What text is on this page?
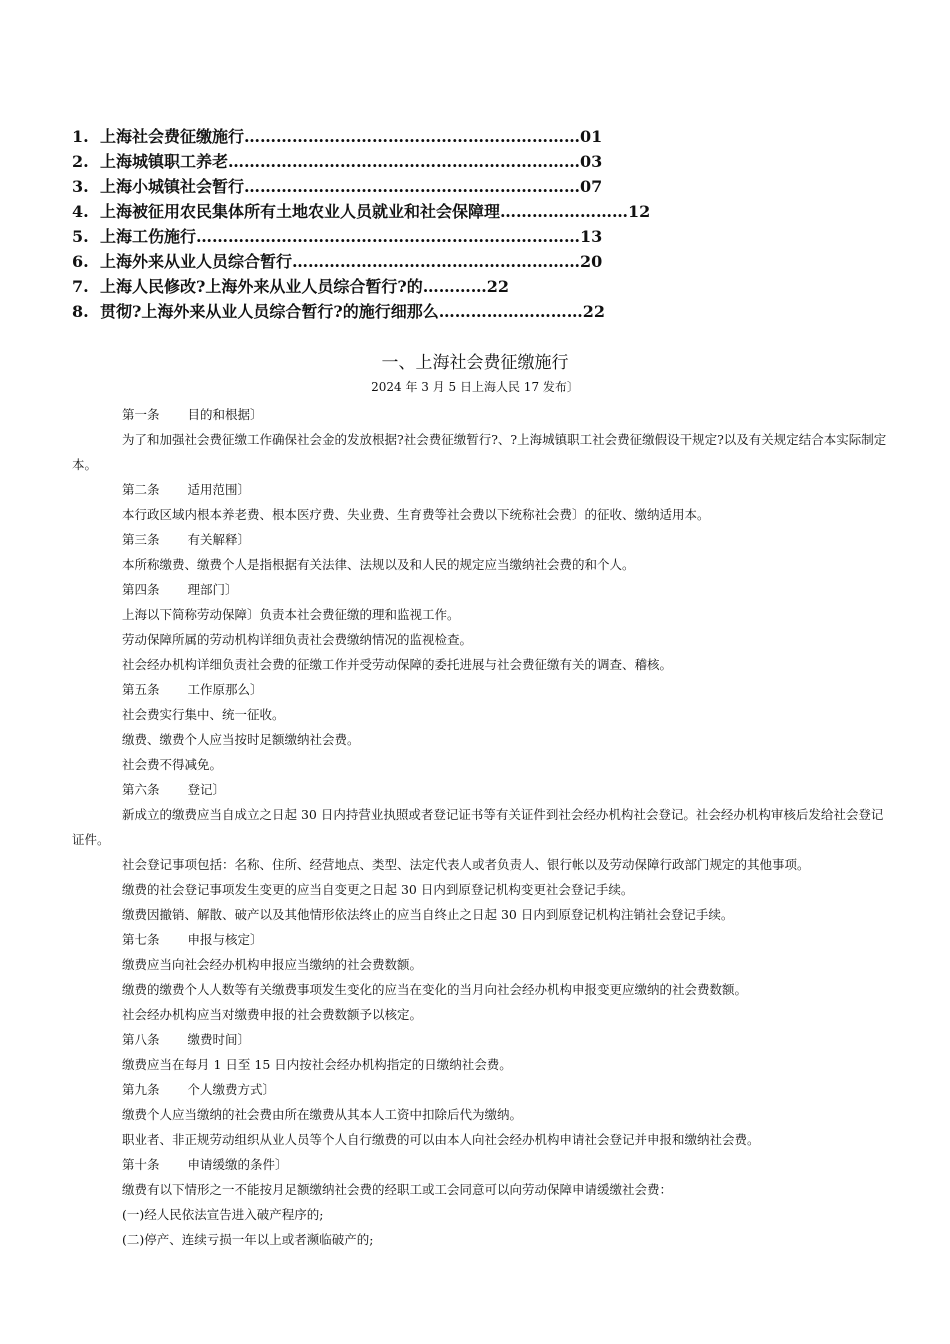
1. 上海社会费征缴施行………………………………………………………01
2. 上海城镇职工养老…………………………………………………………03
3. 上海小城镇社会暂行………………………………………………………07
4. 上海被征用农民集体所有土地农业人员就业和社会保障理……………………12
5. 上海工伤施行………………………………………………………………13
6. 上海外来从业人员综合暂行………………………………………………20
7. 上海人民修改?上海外来从业人员综合暂行?的…………22
8. 贯彻?上海外来从业人员综合暂行?的施行细那么………………………22
一、上海社会费征缴施行
2024 年 3 月 5 日上海人民 17 发布〕
第一条 目的和根据〕
为了和加强社会费征缴工作确保社会金的发放根据?社会费征缴暂行?、?上海城镇职工社会费征缴假设干规定?以及有关规定结合本实际制定本。
第二条 适用范围〕
本行政区域内根本养老费、根本医疗费、失业费、生育费等社会费以下统称社会费〕的征收、缴纳适用本。
第三条 有关解释〕
本所称缴费、缴费个人是指根据有关法律、法规以及和人民的规定应当缴纳社会费的和个人。
第四条 理部门〕
上海以下简称劳动保障〕负责本社会费征缴的理和监视工作。
劳动保障所属的劳动机构详细负责社会费缴纳情况的监视检查。
社会经办机构详细负责社会费的征缴工作并受劳动保障的委托进展与社会费征缴有关的调查、稽核。
第五条 工作原那么〕
社会费实行集中、统一征收。
缴费、缴费个人应当按时足额缴纳社会费。
社会费不得减免。
第六条 登记〕
新成立的缴费应当自成立之日起 30 日内持营业执照或者登记证书等有关证件到社会经办机构社会登记。社会经办机构审核后发给社会登记证件。
社会登记事项包括：名称、住所、经营地点、类型、法定代表人或者负责人、银行帐以及劳动保障行政部门规定的其他事项。
缴费的社会登记事项发生变更的应当自变更之日起 30 日内到原登记机构变更社会登记手续。
缴费因撤销、解散、破产以及其他情形依法终止的应当自终止之日起 30 日内到原登记机构注销社会登记手续。
第七条 申报与核定〕
缴费应当向社会经办机构申报应当缴纳的社会费数额。
缴费的缴费个人人数等有关缴费事项发生变化的应当在变化的当月向社会经办机构申报变更应缴纳的社会费数额。
社会经办机构应当对缴费申报的社会费数额予以核定。
第八条 缴费时间〕
缴费应当在每月 1 日至 15 日内按社会经办机构指定的日缴纳社会费。
第九条 个人缴费方式〕
缴费个人应当缴纳的社会费由所在缴费从其本人工资中扣除后代为缴纳。
职业者、非正规劳动组织从业人员等个人自行缴费的可以由本人向社会经办机构申请社会登记并申报和缴纳社会费。
第十条 申请缓缴的条件〕
缴费有以下情形之一不能按月足额缴纳社会费的经职工或工会同意可以向劳动保障申请缓缴社会费：
(一)经人民依法宣告进入破产程序的;
(二)停产、连续亏损一年以上或者濒临破产的;
